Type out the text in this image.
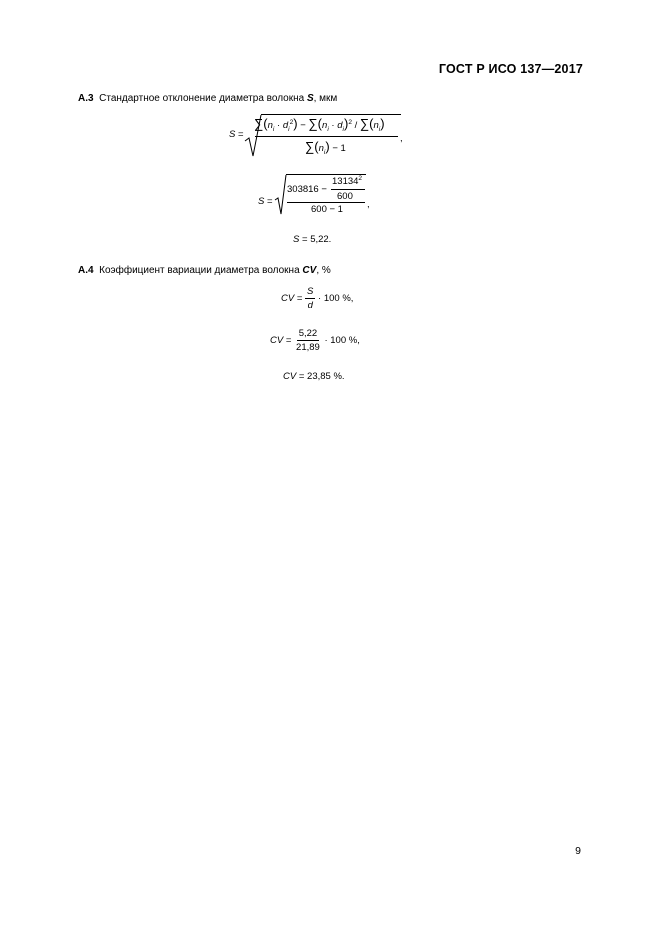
ГОСТ Р ИСО 137—2017
А.3 Стандартное отклонение диаметра волокна S, мкм
S =
$\sum(n_i \cdot d_i^2) - \sum(n_i \cdot d_i)^2 / \sum(n_i)$
$\sum(n_i) - 1$
,
S =
303816 −
$13134^2$
600
600 − 1	,
S = 5,22.
А.4 Коэффициент вариации диаметра волокна CV, %
CV = $\frac{S}{d} \cdot 100$ %,
CV = $\frac{5,22}{21,89} \cdot 100$ %,
CV = 23,85 %.
9
